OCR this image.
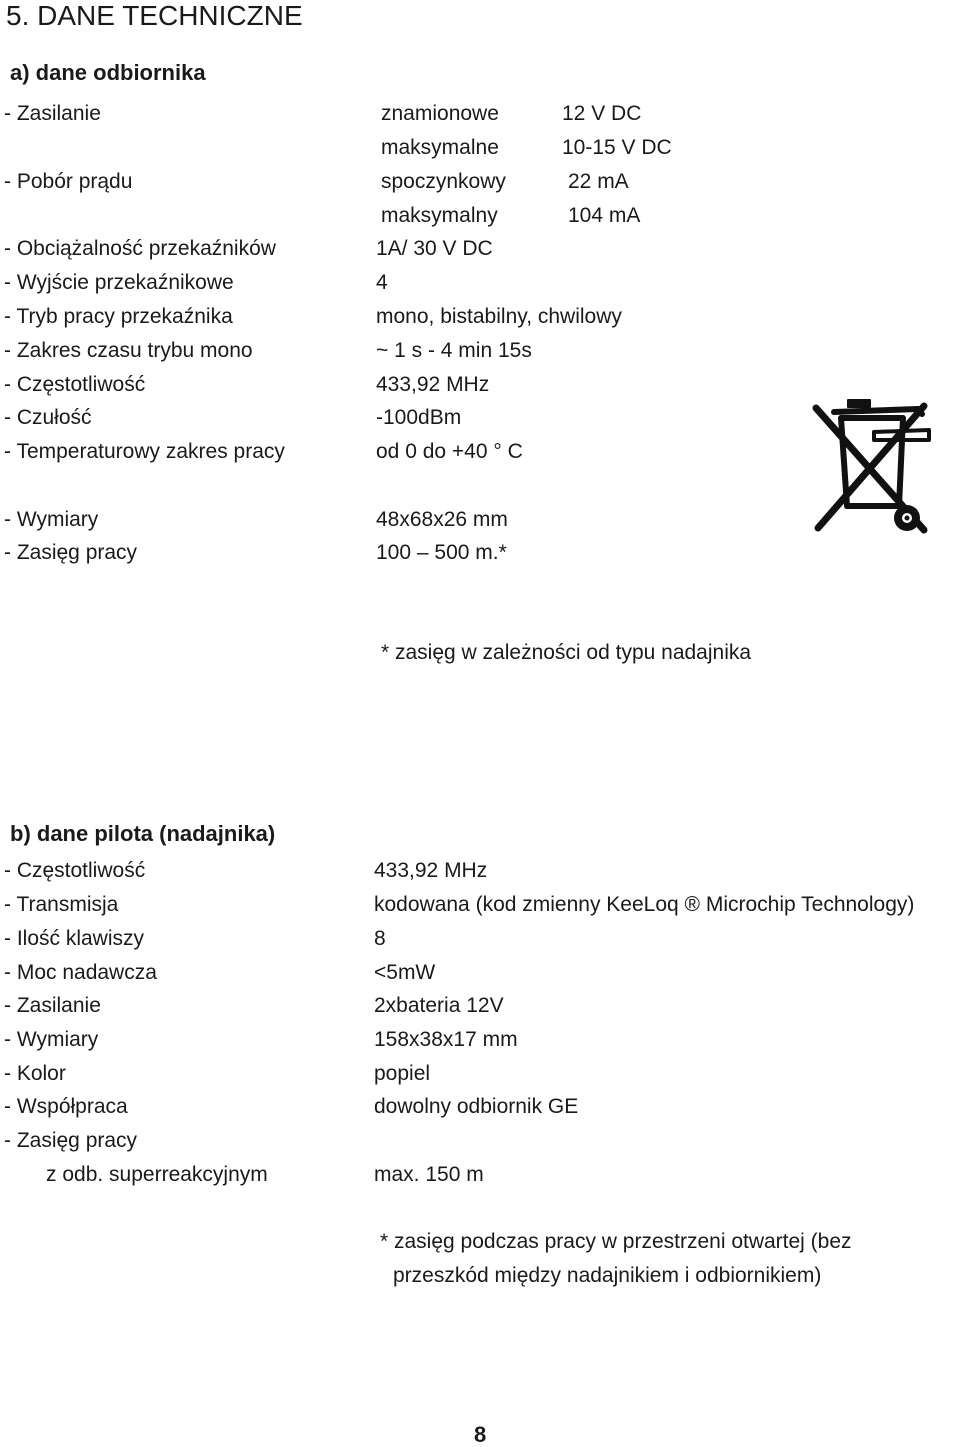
5. DANE TECHNICZNE
a) dane odbiornika
- Zasilanie	znamionowe	12 V DC
maksymalne	10-15 V DC
- Pobór prądu	spoczynkowy	22 mA
maksymalny	104 mA
- Obciążalność przekaźników	1A/ 30 V DC
- Wyjście przekaźnikowe	4
- Tryb pracy przekaźnika	mono, bistabilny, chwilowy
- Zakres czasu trybu mono	~ 1 s - 4 min 15s
- Częstotliwość	433,92 MHz
- Czułość	-100dBm
- Temperaturowy zakres pracy	od 0 do +40 ° C
- Wymiary	48x68x26 mm
- Zasięg pracy	100 – 500 m.*
* zasięg w zależności od typu nadajnika
b) dane pilota (nadajnika)
- Częstotliwość	433,92 MHz
- Transmisja	kodowana (kod zmienny KeeLoq ® Microchip Technology)
- Ilość klawiszy	8
- Moc nadawcza	<5mW
- Zasilanie	2xbateria 12V
- Wymiary	158x38x17 mm
- Kolor	popiel
- Współpraca	dowolny odbiornik GE
- Zasięg pracy
z odb. superreakcyjnym	max. 150 m
* zasięg podczas pracy w przestrzeni otwartej (bez
przeszkód między nadajnikiem i odbiornikiem)
8
